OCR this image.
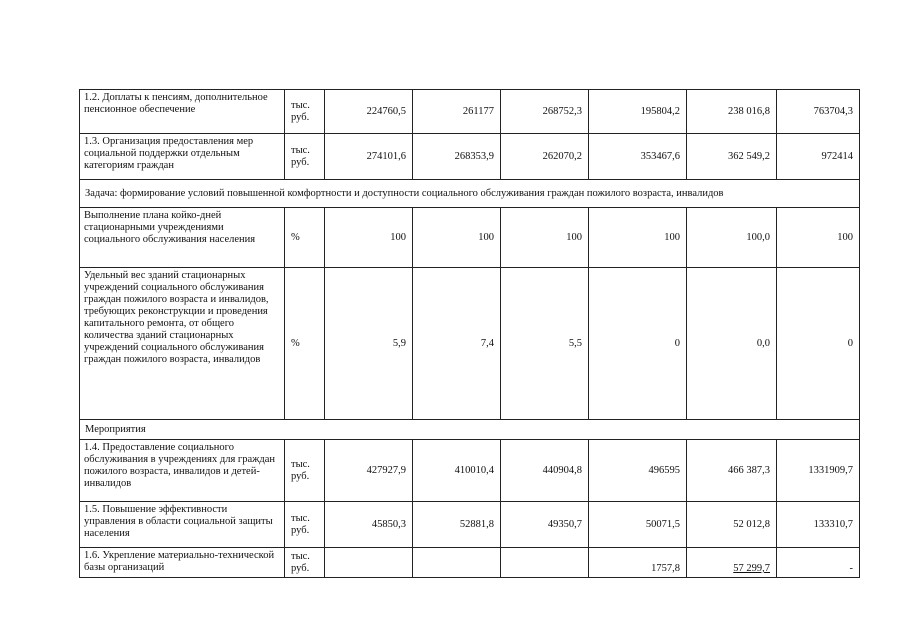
1.2. Доплаты к пенсиям, дополнительное пенсионное обеспечение	тыс. руб.	224760,5	261177	268752,3	195804,2	238 016,8	763704,3
1.3. Организация предоставления мер социальной поддержки отдельным категориям граждан	тыс. руб.	274101,6	268353,9	262070,2	353467,6	362 549,2	972414
Задача: формирование условий повышенной комфортности и доступности социального обслуживания граждан пожилого возраста, инвалидов							
Выполнение плана койко-дней стационарными учреждениями социального обслуживания населения	%	100	100	100	100	100,0	100
Удельный вес зданий стационарных учреждений социального обслуживания граждан пожилого возраста и инвалидов, требующих реконструкции и проведения капитального ремонта, от общего количества зданий стационарных учреждений социального обслуживания граждан пожилого возраста, инвалидов	%	5,9	7,4	5,5	0	0,0	0
Мероприятия							
1.4. Предоставление социального обслуживания в учреждениях для граждан пожилого возраста, инвалидов и детей-инвалидов	тыс. руб.	427927,9	410010,4	440904,8	496595	466 387,3	1331909,7
1.5. Повышение эффективности управления в области социальной защиты населения	тыс. руб.	45850,3	52881,8	49350,7	50071,5	52 012,8	133310,7
1.6. Укрепление материально-технической базы организаций	тыс. руб.				1757,8	57 299,7	-
